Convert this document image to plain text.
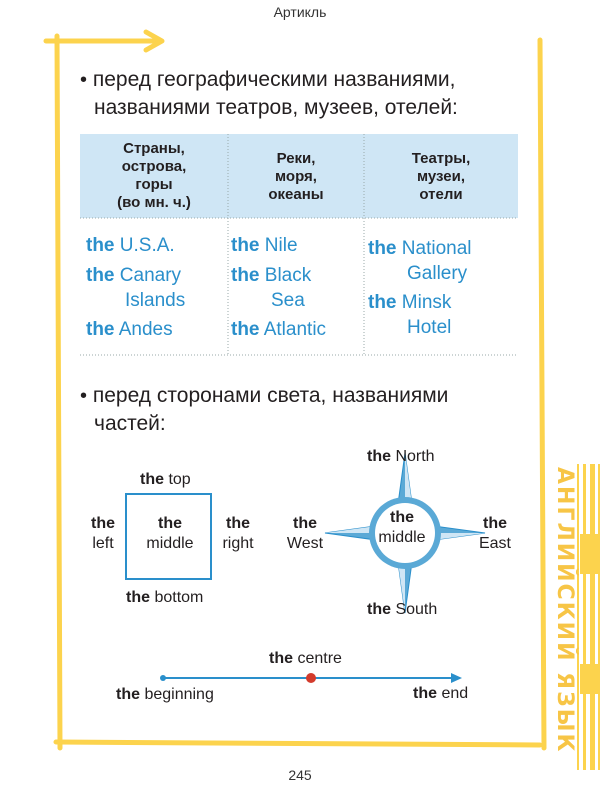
Артикль
АНГЛИЙСКИЙ ЯЗЫК
• перед географическими названиями,
названиями театров, музеев, отелей:
Страны,
острова,
горы
(во мн. ч.)
Реки,
моря,
океаны
Театры,
музеи,
отели
the U.S.A.
the Canary
Islands
the Andes
the Nile
the Black
Sea
the Atlantic
the National
Gallery
the Minsk
Hotel
• перед сторонами света, названиями
частей:
the top
the
left
the
middle
the
right
the bottom
the North
the
West
the
middle
the
East
the South
the centre
the beginning	the end
245
